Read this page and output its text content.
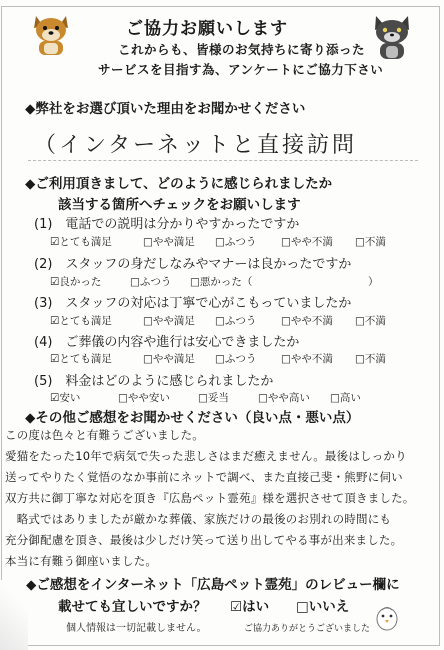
ご協力お願いします
これからも、皆様のお気持ちに寄り添った
サービスを目指す為、アンケートにご協力下さい
◆弊社をお選び頂いた理由をお聞かせください
（インターネットと直接訪問
◆ご利用頂きまして、どのように感じられましたか
該当する箇所へチェックをお願いします
(1)　電話での説明は分かりやすかったですか
☑とても満足	□やや満足 □ふつう □やや不満 □不満
(2)　スタッフの身だしなみやマナーは良かったですか
☑良かった	□ふつう □悪かった（	）
(3)　スタッフの対応は丁寧で心がこもっていましたか
☑とても満足	□やや満足 □ふつう □やや不満 □不満
(4)　ご葬儀の内容や進行は安心できましたか
☑とても満足	□やや満足 □ふつう □やや不満 □不満
(5)　料金はどのように感じられましたか
☑安い	□やや安い	□妥当	□やや高い □高い
◆その他ご感想をお聞かせください（良い点・悪い点）
この度は色々と有難うございました。
愛猫をたった10年で病気で失った悲しさはまだ癒えません。最後はしっかり
送ってやりたく覚悟のなか事前にネットで調べ、また直接己斐・熊野に伺い
双方共に御丁寧な対応を頂き『広島ペット霊苑』様を選択させて頂きました。
　略式ではありましたが厳かな葬儀、家族だけの最後のお別れの時間にも
充分御配慮を頂き、最後は少しだけ笑って送り出してやる事が出来ました。
本当に有難う御座いました。
◆ご感想をインターネット「広島ペット霊苑」のレビュー欄に
載せても宜しいですか？ ☑はい □いいえ
個人情報は一切記載しません。	ご協力ありがとうございました
